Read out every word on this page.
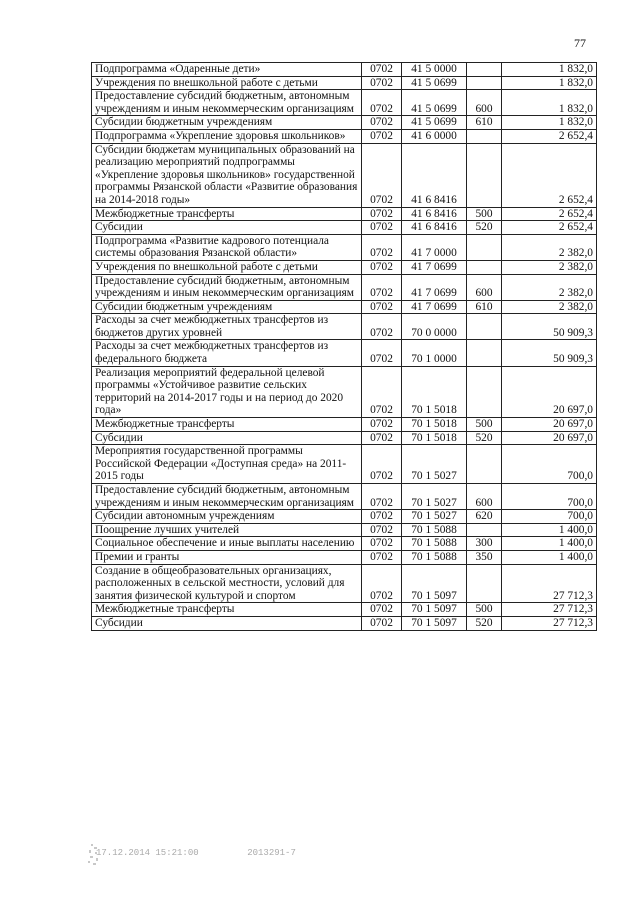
77
Подпрограмма «Одаренные дети»	0702	41 5 0000		1 832,0
Учреждения по внешкольной работе с детьми	0702	41 5 0699		1 832,0
Предоставление субсидий бюджетным, автономным учреждениям и иным некоммерческим организациям	0702	41 5 0699	600	1 832,0
Субсидии бюджетным учреждениям	0702	41 5 0699	610	1 832,0
Подпрограмма «Укрепление здоровья школьников»	0702	41 6 0000		2 652,4
Субсидии бюджетам муниципальных образований на реализацию мероприятий подпрограммы «Укрепление здоровья школьников» государственной программы Рязанской области «Развитие образования на 2014-2018 годы»	0702	41 6 8416		2 652,4
Межбюджетные трансферты	0702	41 6 8416	500	2 652,4
Субсидии	0702	41 6 8416	520	2 652,4
Подпрограмма «Развитие кадрового потенциала системы образования Рязанской области»	0702	41 7 0000		2 382,0
Учреждения по внешкольной работе с детьми	0702	41 7 0699		2 382,0
Предоставление субсидий бюджетным, автономным учреждениям и иным некоммерческим организациям	0702	41 7 0699	600	2 382,0
Субсидии бюджетным учреждениям	0702	41 7 0699	610	2 382,0
Расходы за счет межбюджетных трансфертов из бюджетов других уровней	0702	70 0 0000		50 909,3
Расходы за счет межбюджетных трансфертов из федерального бюджета	0702	70 1 0000		50 909,3
Реализация мероприятий федеральной целевой программы «Устойчивое развитие сельских территорий на 2014-2017 годы и на период до 2020 года»	0702	70 1 5018		20 697,0
Межбюджетные трансферты	0702	70 1 5018	500	20 697,0
Субсидии	0702	70 1 5018	520	20 697,0
Мероприятия государственной программы Российской Федерации «Доступная среда» на 2011-2015 годы	0702	70 1 5027		700,0
Предоставление субсидий бюджетным, автономным учреждениям и иным некоммерческим организациям	0702	70 1 5027	600	700,0
Субсидии автономным учреждениям	0702	70 1 5027	620	700,0
Поощрение лучших учителей	0702	70 1 5088		1 400,0
Социальное обеспечение и иные выплаты населению	0702	70 1 5088	300	1 400,0
Премии и гранты	0702	70 1 5088	350	1 400,0
Создание в общеобразовательных организациях, расположенных в сельской местности, условий для занятия физической культурой и спортом	0702	70 1 5097		27 712,3
Межбюджетные трансферты	0702	70 1 5097	500	27 712,3
Субсидии	0702	70 1 5097	520	27 712,3
17.12.2014 15:21:00	2013291-7
